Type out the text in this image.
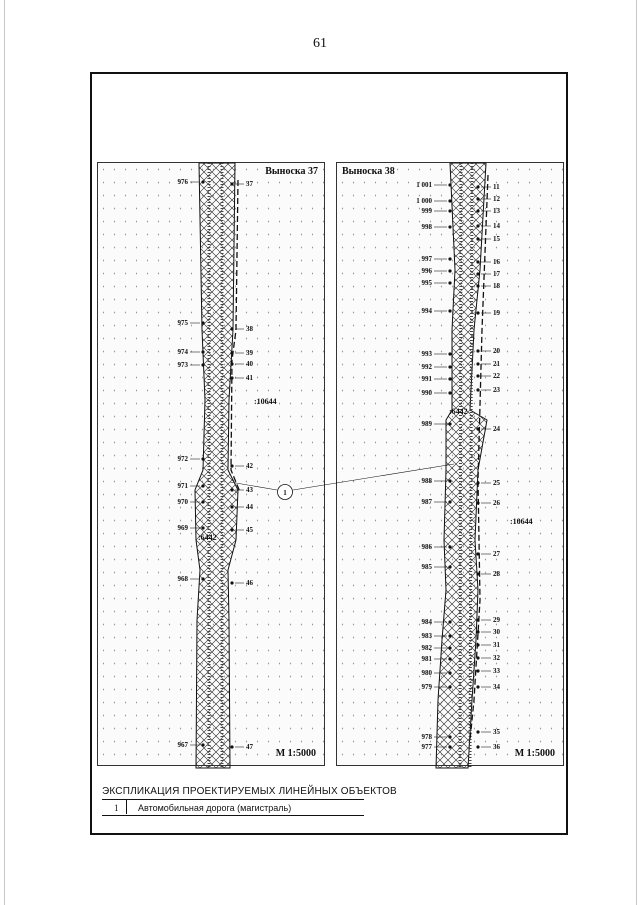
61
Выноска 37
М 1:5000
Выноска 38
М 1:5000
1
:10644
:6442
:10644
:6442
976
975
974
973
972
971
970
969
968
967
37
38
39
40
41
42
43
44
45
46
47
1 001
1 000
999
998
997
996
995
994
993
992
991
990
989
988
987
986
985
984
983
982
981
980
979
978
977
11
12
13
14
15
16
17
18
19
20
21
22
23
24
25
26
27
28
29
30
31
32
33
34
35
36
ЭКСПЛИКАЦИЯ ПРОЕКТИРУЕМЫХ ЛИНЕЙНЫХ ОБЪЕКТОВ
1 Автомобильная дорога (магистраль)
